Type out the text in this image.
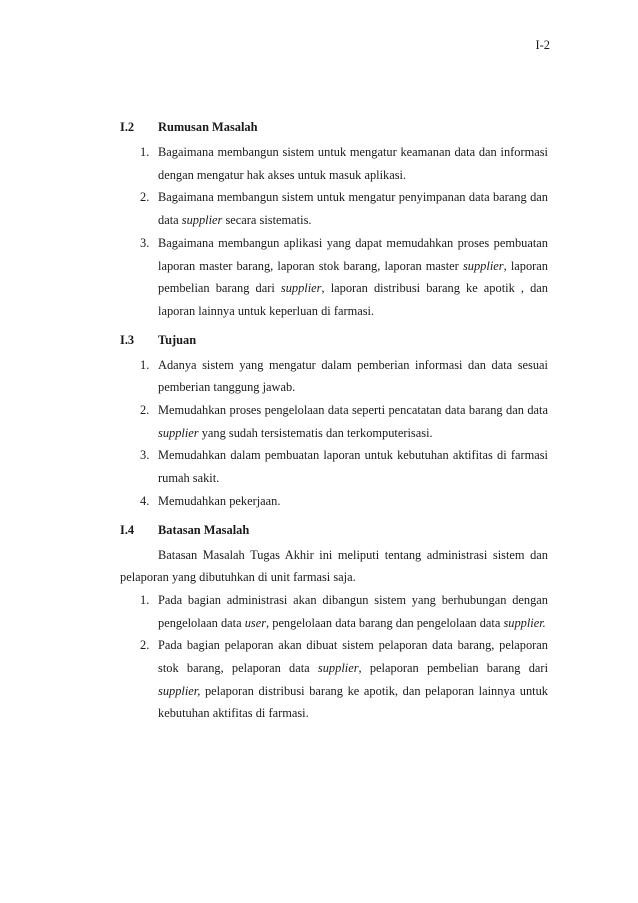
I-2
I.2	Rumusan Masalah
1. Bagaimana membangun sistem untuk mengatur keamanan data dan informasi dengan mengatur hak akses untuk masuk aplikasi.
2. Bagaimana membangun sistem untuk mengatur penyimpanan data barang dan data supplier secara sistematis.
3. Bagaimana membangun aplikasi yang dapat memudahkan proses pembuatan laporan master barang, laporan stok barang, laporan master supplier, laporan pembelian barang dari supplier, laporan distribusi barang ke apotik , dan laporan lainnya untuk keperluan di farmasi.
I.3	Tujuan
1. Adanya sistem yang mengatur dalam pemberian informasi dan data sesuai pemberian tanggung jawab.
2. Memudahkan proses pengelolaan data seperti pencatatan data barang dan data supplier yang sudah tersistematis dan terkomputerisasi.
3. Memudahkan dalam pembuatan laporan untuk kebutuhan aktifitas di farmasi rumah sakit.
4. Memudahkan pekerjaan.
I.4	Batasan Masalah
Batasan Masalah Tugas Akhir ini meliputi tentang administrasi sistem dan pelaporan yang dibutuhkan di unit farmasi saja.
1. Pada bagian administrasi akan dibangun sistem yang berhubungan dengan pengelolaan data user, pengelolaan data barang dan pengelolaan data supplier.
2. Pada bagian pelaporan akan dibuat sistem pelaporan data barang, pelaporan stok barang, pelaporan data supplier, pelaporan pembelian barang dari supplier, pelaporan distribusi barang ke apotik, dan pelaporan lainnya untuk kebutuhan aktifitas di farmasi.
